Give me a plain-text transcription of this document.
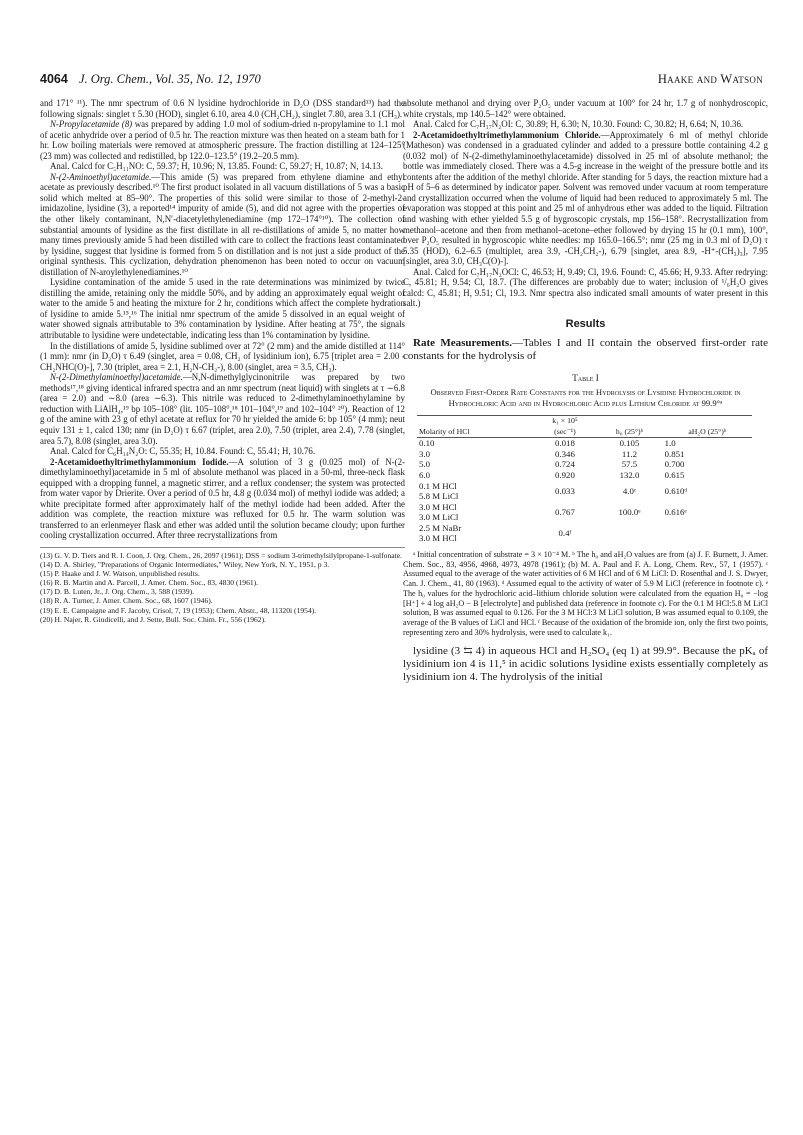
4064 J. Org. Chem., Vol. 35, No. 12, 1970	Haake and Watson

and 171° ¹¹). The nmr spectrum of 0.6 N lysidine hydrochloride in D₂O (DSS standard¹³) had the following signals: singlet τ 5.30 (HOD), singlet 6.10, area 4.0 (CH₂CH₂), singlet 7.80, area 3.1 (CH₃).

N-Propylacetamide (8) was prepared by adding 1.0 mol of sodium-dried n-propylamine to 1.1 mol of acetic anhydride over a period of 0.5 hr. The reaction mixture was then heated on a steam bath for 1 hr. Low boiling materials were removed at atmospheric pressure. The fraction distilling at 124–125° (23 mm) was collected and redistilled, bp 122.0–123.5° (19.2–20.5 mm).

Anal. Calcd for C₅H₁₁NO: C, 59.37; H, 10.96; N, 13.85. Found: C, 59.27; H, 10.87; N, 14.13.

N-(2-Aminoethyl)acetamide.—This amide (5) was prepared from ethylene diamine and ethyl acetate as previously described.¹⁰ The first product isolated in all vacuum distillations of 5 was a basic solid which melted at 85–90°. The properties of this solid were similar to those of 2-methyl-2-imidazoline, lysidine (3), a reported¹⁴ impurity of amide (5), and did not agree with the properties of the other likely contaminant, N,N′-diacetylethylenediamine (mp 172–174°¹⁰). The collection of substantial amounts of lysidine as the first distillate in all re-distillations of amide 5, no matter how many times previously amide 5 had been distilled with care to collect the fractions least contaminated by lysidine, suggest that lysidine is formed from 5 on distillation and is not just a side product of the original synthesis. This cyclization, dehydration phenomenon has been noted to occur on vacuum distillation of N-aroylethylenediamines.¹⁰

Lysidine contamination of the amide 5 used in the rate determinations was minimized by twice distilling the amide, retaining only the middle 50%, and by adding an approximately equal weight of water to the amide 5 and heating the mixture for 2 hr, conditions which affect the complete hydration of lysidine to amide 5.¹⁵,¹⁶ The initial nmr spectrum of the amide 5 dissolved in an equal weight of water showed signals attributable to 3% contamination by lysidine. After heating at 75°, the signals attributable to lysidine were undetectable, indicating less than 1% contamination by lysidine.

In the distillations of amide 5, lysidine sublimed over at 72° (2 mm) and the amide distilled at 114° (1 mm): nmr (in D₂O) τ 6.49 (singlet, area = 0.08, CH₂ of lysidinium ion), 6.75 [triplet area = 2.00 -CH₂NHC(O)-], 7.30 (triplet, area = 2.1, H₂N-CH₂-), 8.00 (singlet, area = 3.5, CH₃).

N-(2-Dimethylaminoethyl)acetamide.—N,N-dimethylglycinonitrile was prepared by two methods¹⁷,¹⁸ giving identical infrared spectra and an nmr spectrum (neat liquid) with singlets at τ ∼6.8 (area = 2.0) and ∼8.0 (area ∼6.3). This nitrile was reduced to 2-dimethylaminoethylamine by reduction with LiAlH₄,¹⁹ bp 105–108° (lit. 105–108°,¹⁸ 101–104°,¹⁹ and 102–104° ²⁰). Reaction of 12 g of the amine with 23 g of ethyl acetate at reflux for 70 hr yielded the amide 6: bp 105° (4 mm); neut equiv 131 ± 1, calcd 130; nmr (in D₂O) τ 6.67 (triplet, area 2.0), 7.50 (triplet, area 2.4), 7.78 (singlet, area 5.7), 8.08 (singlet, area 3.0).

Anal. Calcd for C₆H₁₄N₂O: C, 55.35; H, 10.84. Found: C, 55.41; H, 10.76.

2-Acetamidoethyltrimethylammonium Iodide.—A solution of 3 g (0.025 mol) of N-(2-dimethylaminoethyl)acetamide in 5 ml of absolute methanol was placed in a 50-ml, three-neck flask equipped with a dropping funnel, a magnetic stirrer, and a reflux condenser; the system was protected from water vapor by Drierite. Over a period of 0.5 hr, 4.8 g (0.034 mol) of methyl iodide was added; a white precipitate formed after approximately half of the methyl iodide had been added. After the addition was complete, the reaction mixture was refluxed for 0.5 hr. The warm solution was transferred to an erlenmeyer flask and ether was added until the solution became cloudy; upon further cooling crystallization occurred. After three recrystallizations from

(13) G. V. D. Tiers and R. I. Coon, J. Org. Chem., 26, 2097 (1961); DSS = sodium 3-trimethylsilylpropane-1-sulfonate.
(14) D. A. Shirley, "Preparations of Organic Intermediates," Wiley, New York, N. Y., 1951, p 3.
(15) P. Haake and J. W. Watson, unpublished results.
(16) R. B. Martin and A. Parcell, J. Amer. Chem. Soc., 83, 4830 (1961).
(17) D. B. Luten, Jr., J. Org. Chem., 3, 588 (1939).
(18) R. A. Turner, J. Amer. Chem. Soc., 68, 1607 (1946).
(19) E. E. Campaigne and F. Jacoby, Crisol, 7, 19 (1953); Chem. Abstr., 48, 11320i (1954).
(20) H. Najer, R. Giudicelli, and J. Sette, Bull. Soc. Chim. Fr., 556 (1962).

absolute methanol and drying over P₂O₅ under vacuum at 100° for 24 hr, 1.7 g of nonhydroscopic, white crystals, mp 140.5–142° were obtained.

Anal. Calcd for C₇H₁₇N₂OI: C, 30.89; H, 6.30; N, 10.30. Found: C, 30.82; H, 6.64; N, 10.36.

2-Acetamidoethyltrimethylammonium Chloride.—Approximately 6 ml of methyl chloride (Matheson) was condensed in a graduated cylinder and added to a pressure bottle containing 4.2 g (0.032 mol) of N-(2-dimethylaminoethylacetamide) dissolved in 25 ml of absolute methanol; the bottle was immediately closed. There was a 4.5-g increase in the weight of the pressure bottle and its contents after the addition of the methyl chloride. After standing for 5 days, the reaction mixture had a pH of 5–6 as determined by indicator paper. Solvent was removed under vacuum at room temperature and crystallization occurred when the volume of liquid had been reduced to approximately 5 ml. The evaporation was stopped at this point and 25 ml of anhydrous ether was added to the liquid. Filtration and washing with ether yielded 5.5 g of hygroscopic crystals, mp 156–158°. Recrystallization from methanol–acetone and then from methanol–acetone–ether followed by drying 15 hr (0.1 mm), 100°, over P₂O₅ resulted in hygroscopic white needles: mp 165.0–166.5°; nmr (25 mg in 0.3 ml of D₂O) τ 5.35 (HOD), 6.2–6.5 (multiplet, area 3.9, -CH₂CH₂-), 6.79 [singlet, area 8.9, -H⁺-(CH₃)₃], 7.95 [singlet, area 3.0, CH₃C(O)-].

Anal. Calcd for C₇H₁₇N₂OCl: C, 46.53; H, 9.49; Cl, 19.6. Found: C, 45.66; H, 9.33. After redrying: C, 45.81; H, 9.54; Cl, 18.7. (The differences are probably due to water; inclusion of ¹/₆H₂O gives calcd: C, 45.81; H, 9.51; Cl, 19.3. Nmr spectra also indicated small amounts of water present in this salt.)

Results

Rate Measurements.—Tables I and II contain the observed first-order rate constants for the hydrolysis of

Table I
Observed First-Order Rate Constants for the Hydrolysis of Lysidine Hydrochloride in Hydrochloric Acid and in Hydrochloric Acid plus Lithium Chloride at 99.9°ᵃ
Molarity of HCl	k₁ × 10⁵
(sec⁻¹)	h₀ (25°)ᵇ	aH₂O (25°)ᵇ
0.10	0.018	0.105	1.0
3.0	0.346	11.2	0.851
5.0	0.724	57.5	0.700
6.0	0.920	132.0	0.615

0.1 M HCl
5.8 M LiCl	0.033	4.0ᶜ	0.610ᵈ

3.0 M HCl
3.0 M LiCl	0.767	100.0ᵉ	0.616ᵉ

2.5 M NaBr
3.0 M HCl	0.4ᶠ		

ᵃ Initial concentration of substrate = 3 × 10⁻⁴ M. ᵇ The h₀ and aH₂O values are from (a) J. F. Burnett, J. Amer. Chem. Soc., 83, 4956, 4968, 4973, 4978 (1961); (b) M. A. Paul and F. A. Long, Chem. Rev., 57, 1 (1957). ᶜ Assumed equal to the average of the water activities of 6 M HCl and of 6 M LiCl: D. Rosenthal and J. S. Dwyer, Can. J. Chem., 41, 80 (1963). ᵈ Assumed equal to the activity of water of 5.9 M LiCl (reference in footnote c). ᵉ The h₀ values for the hydrochloric acid–lithium chloride solution were calculated from the equation H₀ = −log [H⁺] + 4 log aH₂O − B [electrolyte] and published data (reference in footnote c). For the 0.1 M HCl:5.8 M LiCl solution, B was assumed equal to 0.126. For the 3 M HCl:3 M LiCl solution, B was assumed equal to 0.109, the average of the B values of LiCl and HCl. ᶠ Because of the oxidation of the bromide ion, only the first two points, representing zero and 30% hydrolysis, were used to calculate k₁.

lysidine (3 ⇆ 4) in aqueous HCl and H₂SO₄ (eq 1) at 99.9°. Because the pKₐ of lysidinium ion 4 is 11,⁵ in acidic solutions lysidine exists essentially completely as lysidinium ion 4. The hydrolysis of the initial
